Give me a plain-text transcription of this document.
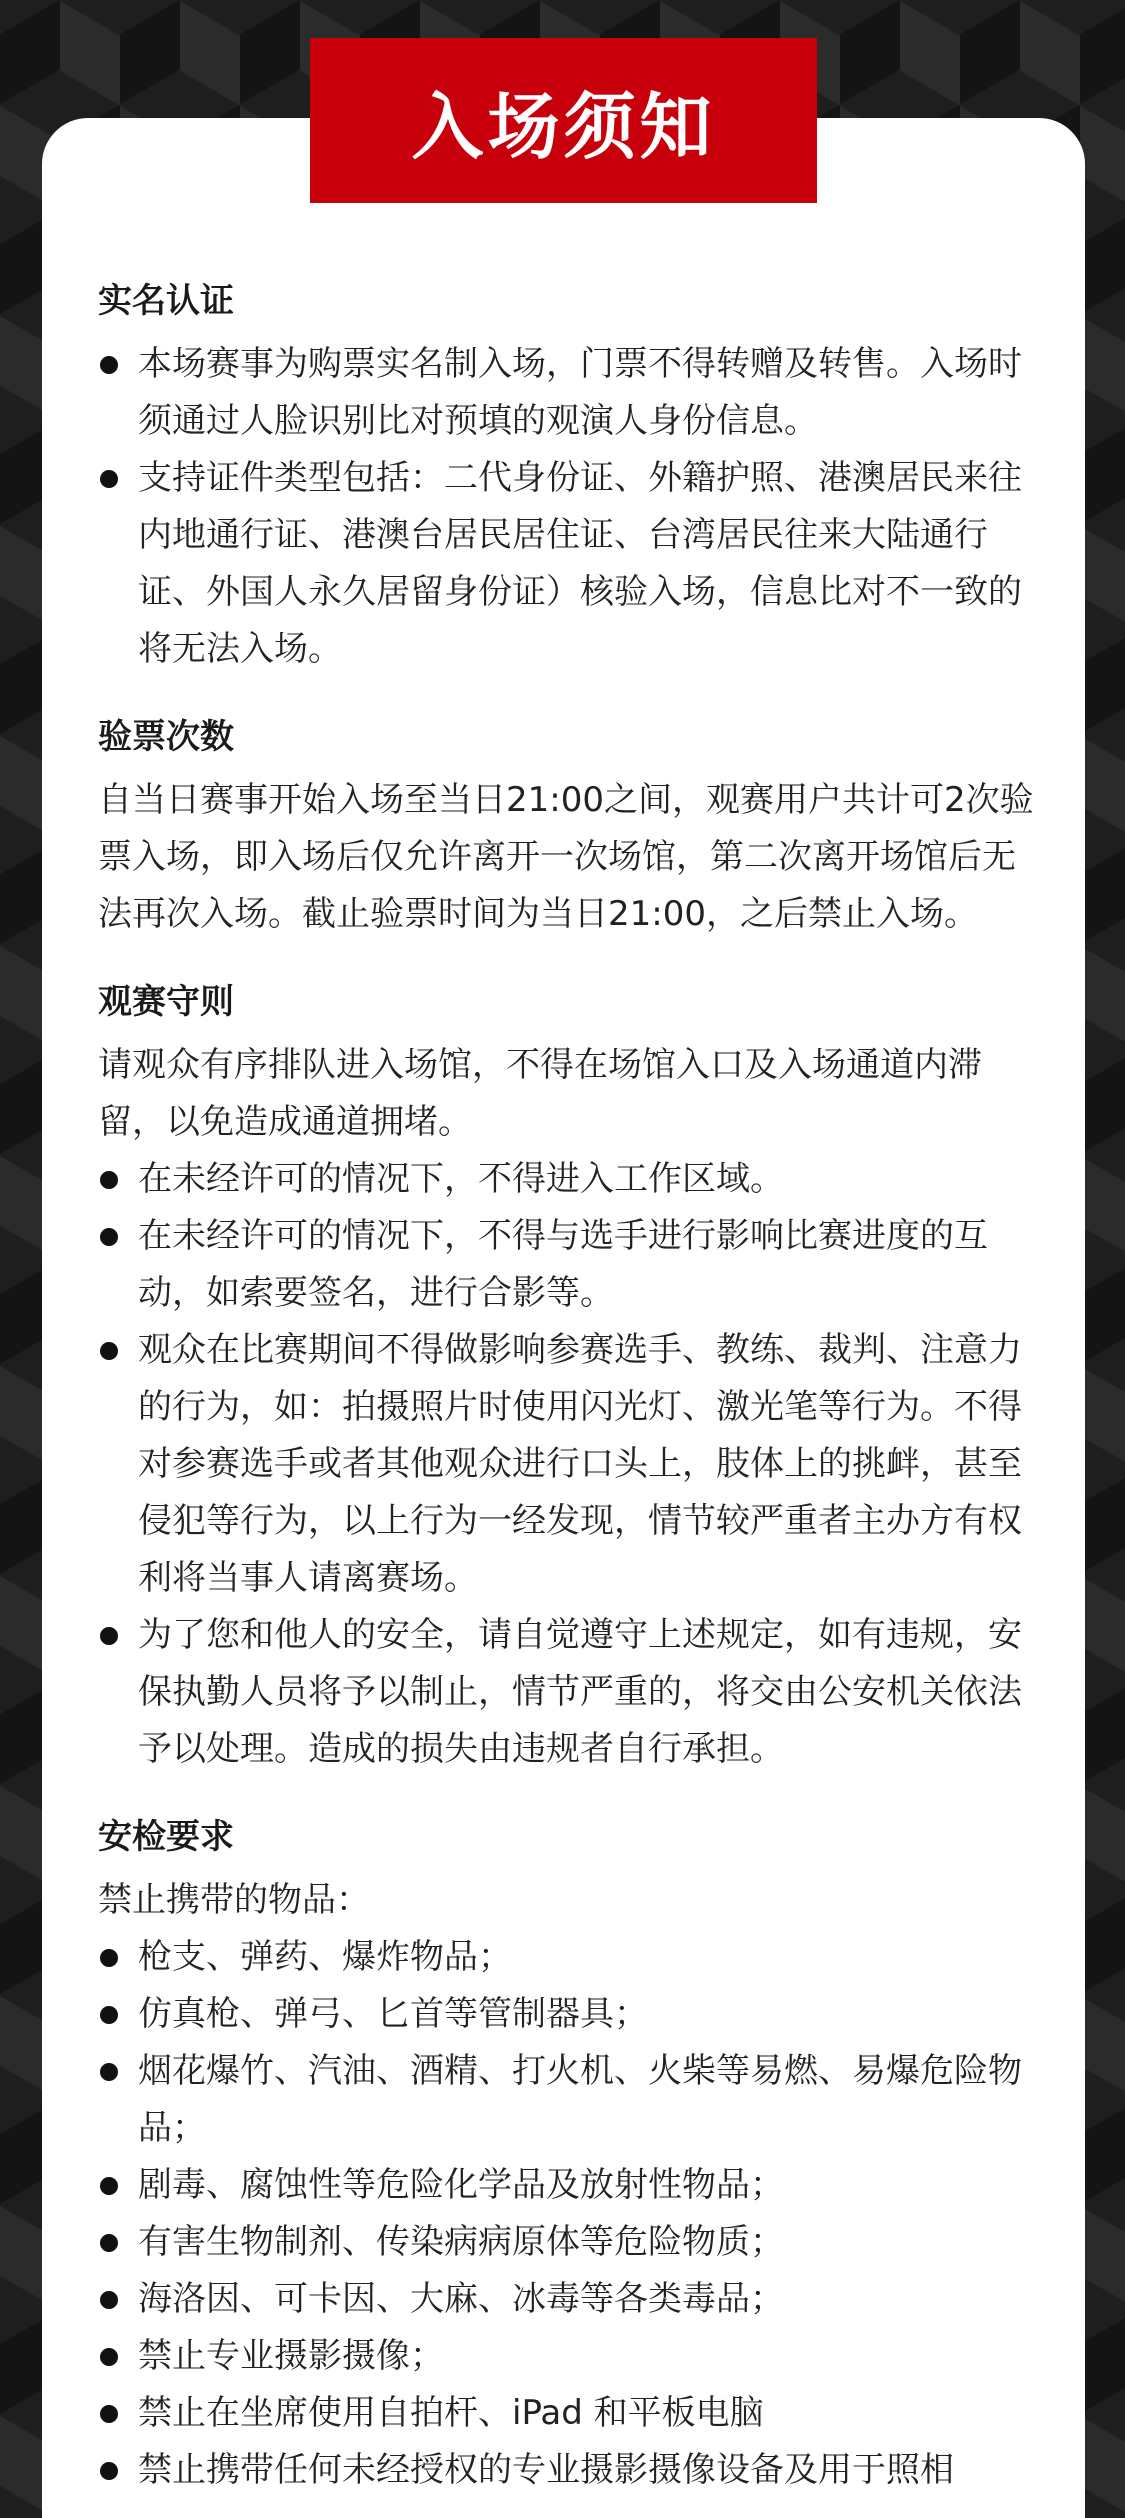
入场须知
实名认证
本场赛事为购票实名制入场，门票不得转赠及转售。入场时须通过人脸识别比对预填的观演人身份信息。
支持证件类型包括：二代身份证、外籍护照、港澳居民来往内地通行证、港澳台居民居住证、台湾居民往来大陆通行证、外国人永久居留身份证）核验入场，信息比对不一致的将无法入场。
验票次数

自当日赛事开始入场至当日21:00之间，观赛用户共计可2次验票入场，即入场后仅允许离开一次场馆，第二次离开场馆后无法再次入场。截止验票时间为当日21:00，之后禁止入场。

观赛守则

请观众有序排队进入场馆，不得在场馆入口及入场通道内滞留，以免造成通道拥堵。

在未经许可的情况下，不得进入工作区域。
在未经许可的情况下，不得与选手进行影响比赛进度的互动，如索要签名，进行合影等。
观众在比赛期间不得做影响参赛选手、教练、裁判、注意力的行为，如：拍摄照片时使用闪光灯、激光笔等行为。不得对参赛选手或者其他观众进行口头上，肢体上的挑衅，甚至侵犯等行为，以上行为一经发现，情节较严重者主办方有权利将当事人请离赛场。
为了您和他人的安全，请自觉遵守上述规定，如有违规，安保执勤人员将予以制止，情节严重的，将交由公安机关依法予以处理。造成的损失由违规者自行承担。
安检要求

禁止携带的物品：

枪支、弹药、爆炸物品；
仿真枪、弹弓、匕首等管制器具；
烟花爆竹、汽油、酒精、打火机、火柴等易燃、易爆危险物品；
剧毒、腐蚀性等危险化学品及放射性物品；
有害生物制剂、传染病病原体等危险物质；
海洛因、可卡因、大麻、冰毒等各类毒品；
禁止专业摄影摄像；
禁止在坐席使用自拍杆、iPad 和平板电脑
禁止携带任何未经授权的专业摄影摄像设备及用于照相
